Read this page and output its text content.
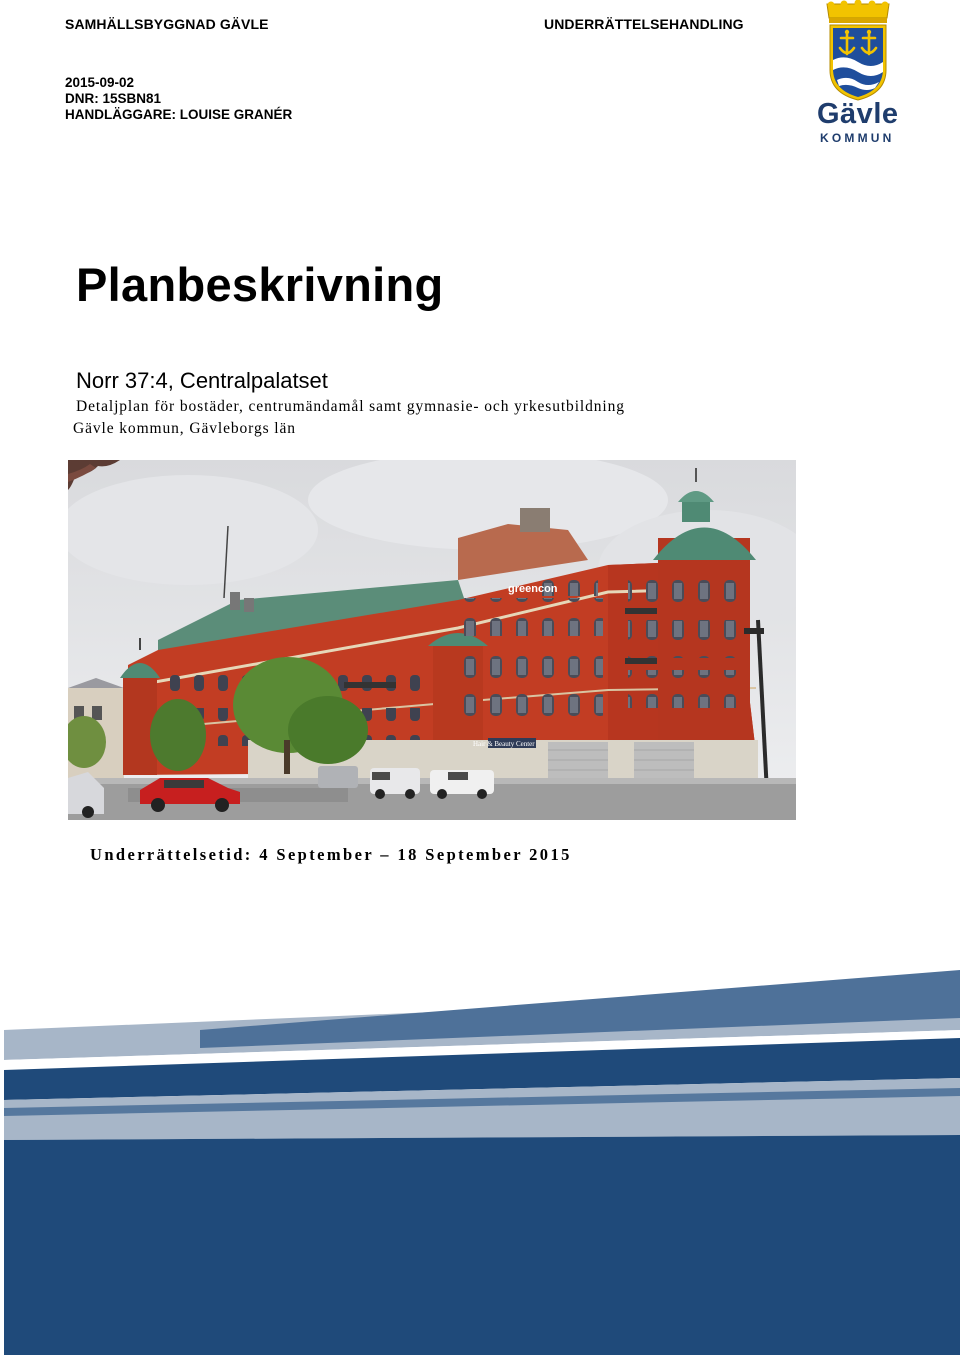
SAMHÄLLSBYGGNAD GÄVLE	UNDERRÄTTELSEHANDLING
2015-09-02
DNR: 15SBN81
HANDLÄGGARE: LOUISE GRANÉR	Gävle
KOMMUN
Planbeskrivning
Norr 37:4, Centralpalatset
Detaljplan för bostäder, centrumändamål samt gymnasie- och yrkesutbildning
Gävle kommun, Gävleborgs län
greencon
Hair & Beauty Center
Underrättelsetid: 4 September – 18 September 2015
